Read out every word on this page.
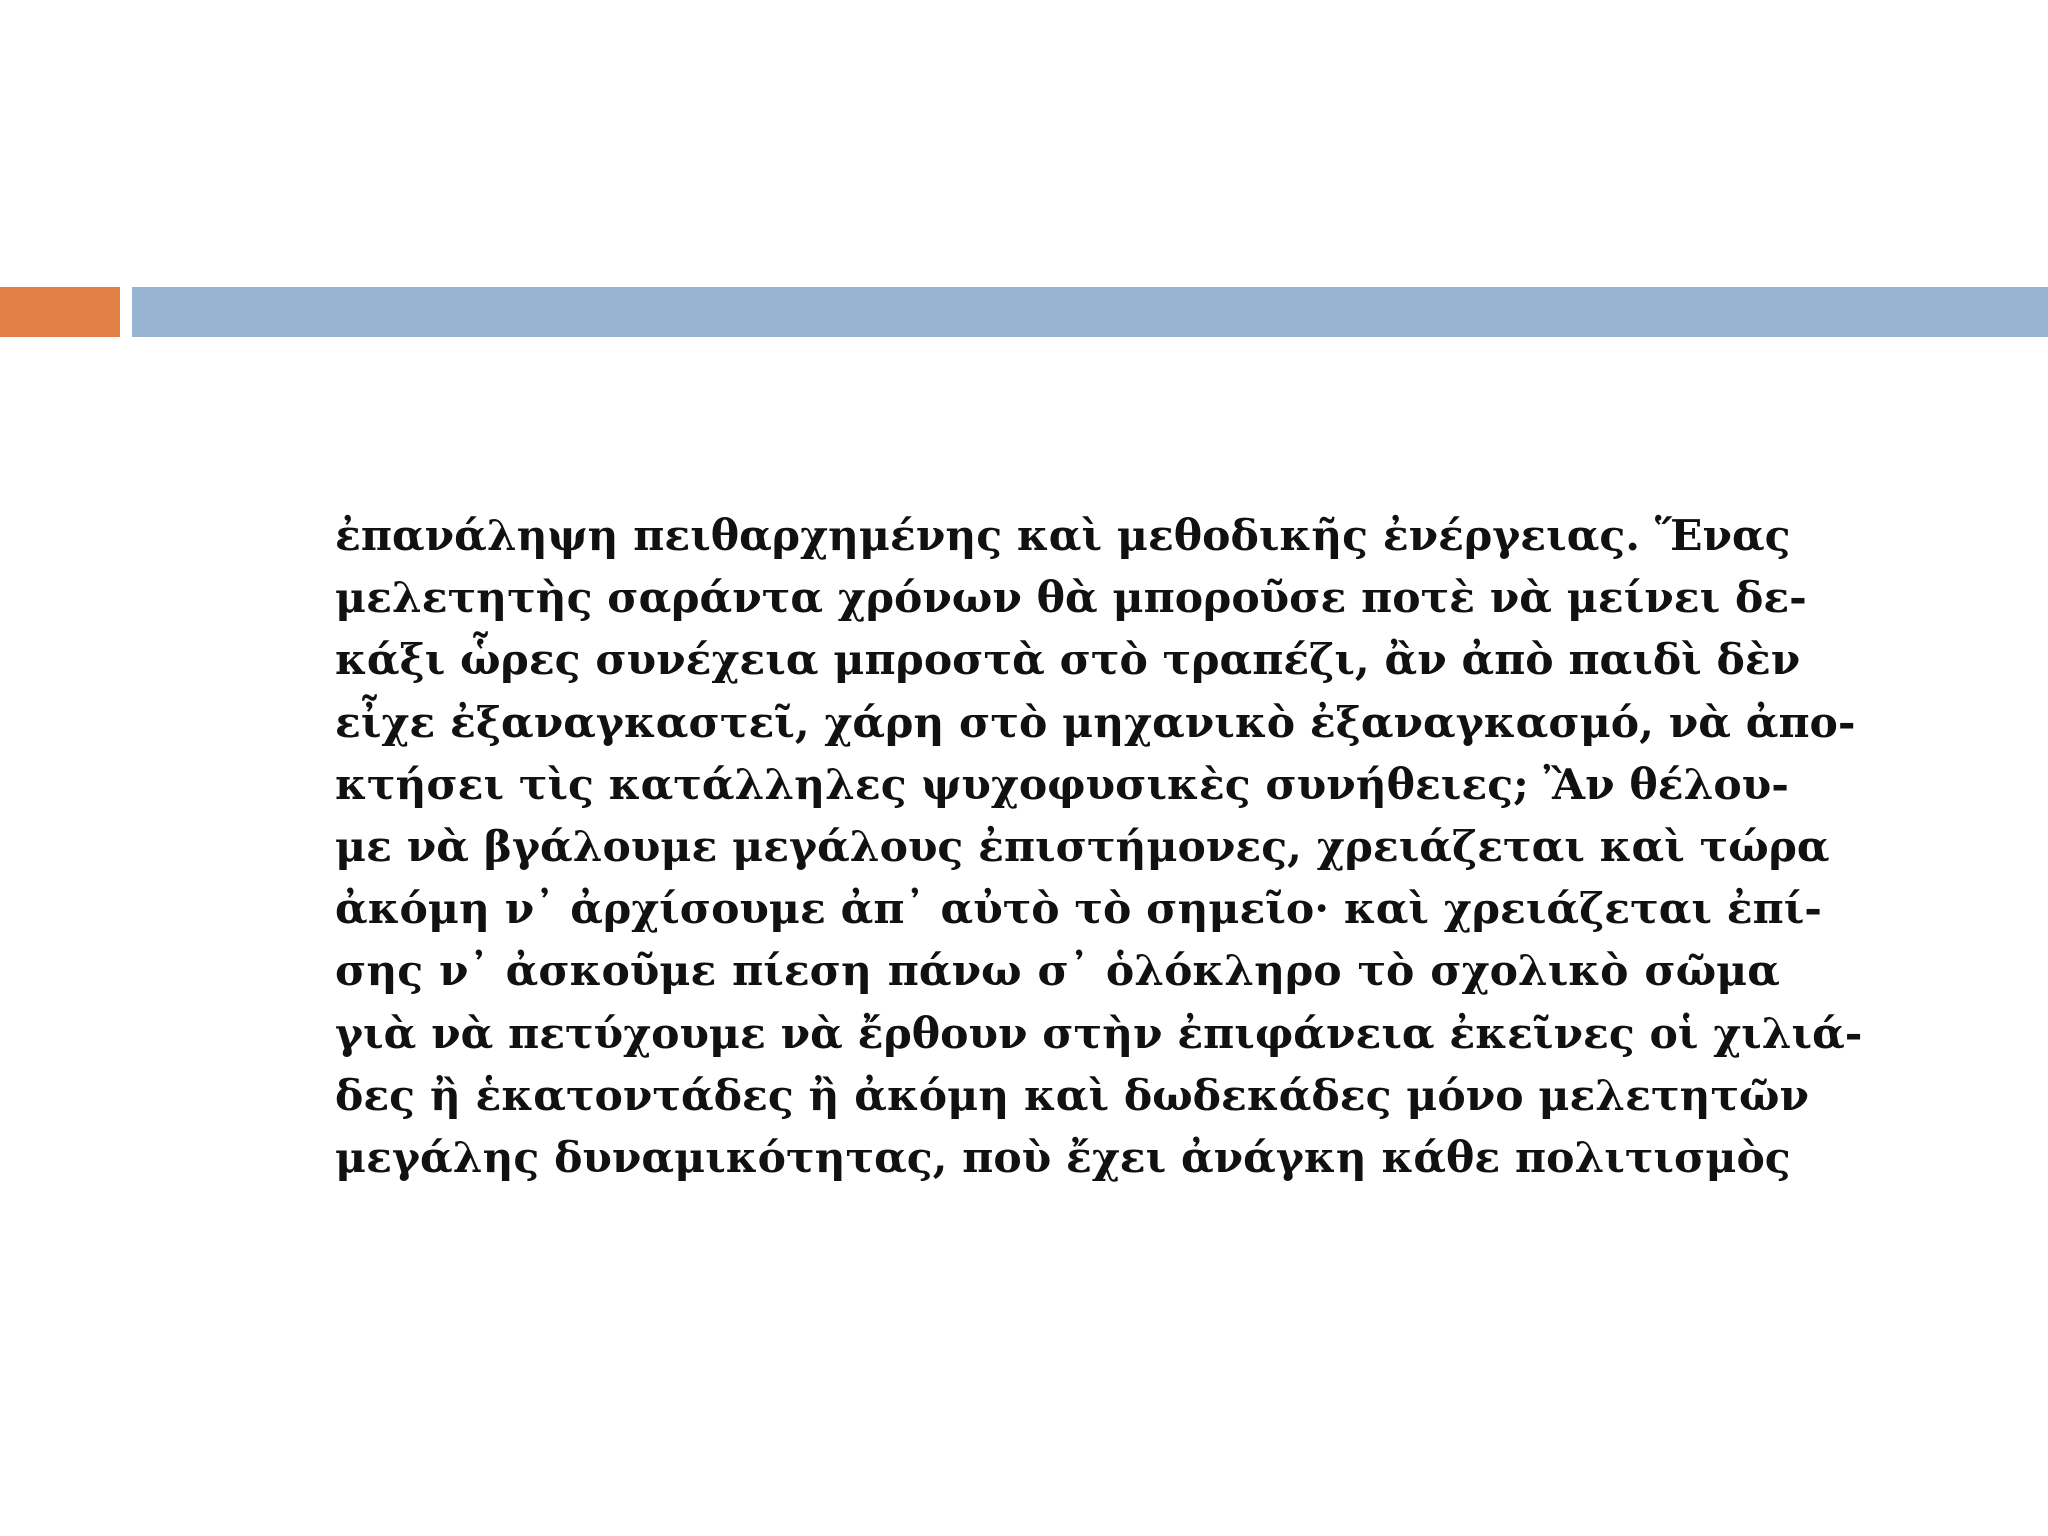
ἐπανάληψη πειθαρχημένης καὶ μεθοδικῆς ἐνέργειας. Ἕνας
μελετητὴς σαράντα χρόνων θὰ μποροῦσε ποτὲ νὰ μείνει δε-
κάξι ὧρες συνέχεια μπροστὰ στὸ τραπέζι, ἂν ἀπὸ παιδὶ δὲν
εἶχε ἐξαναγκαστεῖ, χάρη στὸ μηχανικὸ ἐξαναγκασμό, νὰ ἀπο-
κτήσει τὶς κατάλληλες ψυχοφυσικὲς συνήθειες; Ἂν θέλου-
με νὰ βγάλουμε μεγάλους ἐπιστήμονες, χρειάζεται καὶ τώρα
ἀκόμη ν᾽ ἀρχίσουμε ἀπ᾽ αὐτὸ τὸ σημεῖο· καὶ χρειάζεται ἐπί-
σης ν᾽ ἀσκοῦμε πίεση πάνω σ᾽ ὁλόκληρο τὸ σχολικὸ σῶμα
γιὰ νὰ πετύχουμε νὰ ἔρθουν στὴν ἐπιφάνεια ἐκεῖνες οἱ χιλιά-
δες ἢ ἑκατοντάδες ἢ ἀκόμη καὶ δωδεκάδες μόνο μελετητῶν
μεγάλης δυναμικότητας, ποὺ ἔχει ἀνάγκη κάθε πολιτισμὸς
